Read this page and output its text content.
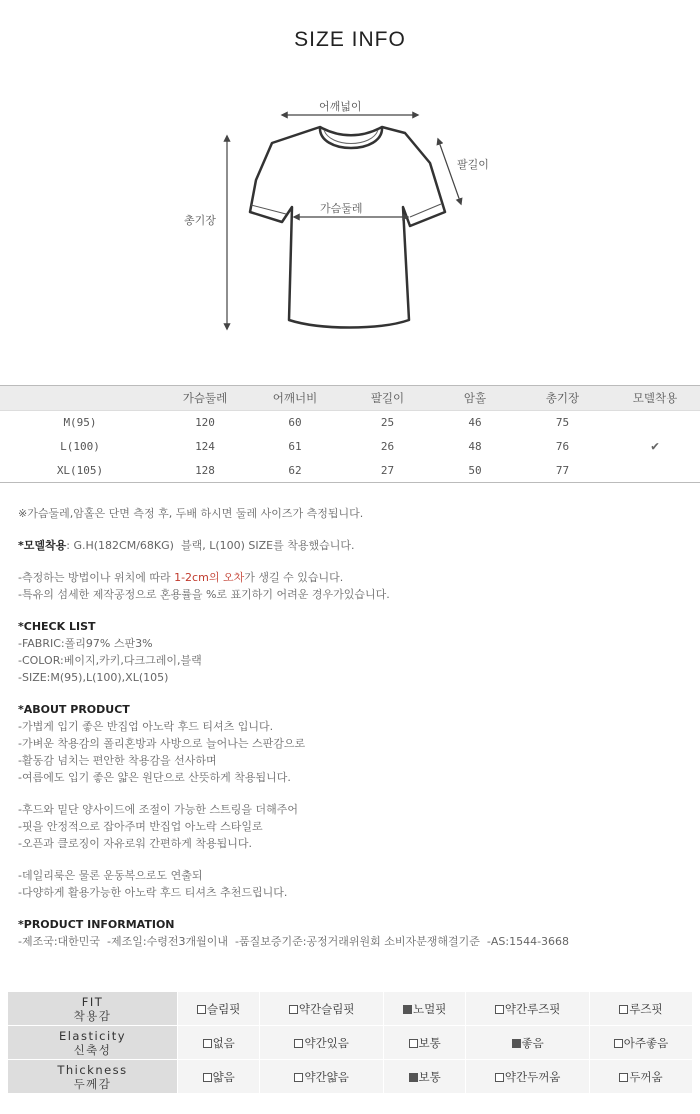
SIZE INFO
어깨넓이
팔길이
가슴둘레
총기장
	가슴둘레	어깨너비	팔길이	암홀	총기장	모델착용
M(95)	120	60	25	46	75	
L(100)	124	61	26	48	76	✔
XL(105)	128	62	27	50	77	

※가슴둘레,암홀은 단면 측정 후, 두배 하시면 둘레 사이즈가 측정됩니다.

*모델착용: G.H(182CM/68KG)  블랙, L(100) SIZE를 착용했습니다.

-측정하는 방법이나 위치에 따라 1-2cm의 오차가 생길 수 있습니다.

-특유의 섬세한 제작공정으로 혼용률을 %로 표기하기 어려운 경우가있습니다.

*CHECK LIST

-FABRIC:폴리97% 스판3%

-COLOR:베이지,카키,다크그레이,블랙

-SIZE:M(95),L(100),XL(105)

*ABOUT PRODUCT

-가볍게 입기 좋은 반집업 아노락 후드 티셔츠 입니다.

-가벼운 착용감의 폴리혼방과 사방으로 늘어나는 스판감으로

-활동감 넘치는 편안한 착용감을 선사하며

-여름에도 입기 좋은 얇은 원단으로 산뜻하게 착용됩니다.

-후드와 밑단 양사이드에 조절이 가능한 스트링을 더해주어

-핏을 안정적으로 잡아주며 반집업 아노락 스타일로

-오픈과 클로징이 자유로워 간편하게 착용됩니다.

-데일리룩은 물론 운동복으로도 연출되

-다양하게 활용가능한 아노락 후드 티셔츠 추천드립니다.

*PRODUCT INFORMATION

-제조국:대한민국  -제조일:수령전3개월이내  -품질보증기준:공정거래위원회 소비자분쟁해결기준  -AS:1544-3668

FIT
착용감	슬림핏	약간슬림핏	노멀핏	약간루즈핏	루즈핏

Elasticity
신축성	없음	약간있음	보통	좋음	아주좋음

Thickness
두께감	얇음	약간얇음	보통	약간두꺼움	두꺼움
